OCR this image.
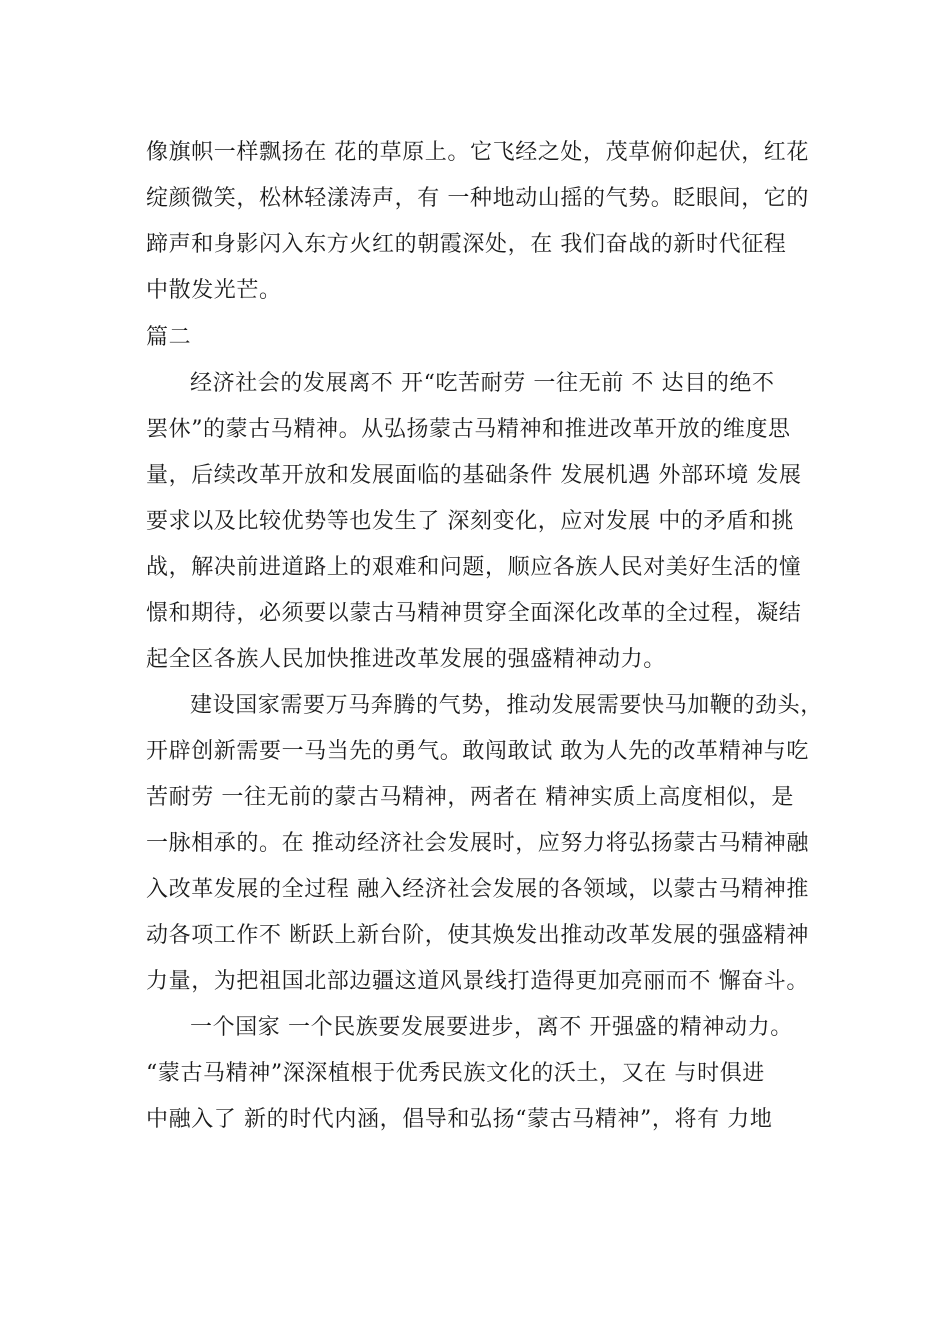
像旗帜一样飘扬在 花的草原上。它飞经之处，茂草俯仰起伏，红花
绽颜微笑，松林轻漾涛声，有 一种地动山摇的气势。眨眼间，它的
蹄声和身影闪入东方火红的朝霞深处，在 我们奋战的新时代征程
中散发光芒。
篇二
经济社会的发展离不 开“吃苦耐劳 一往无前 不 达目的绝不
罢休”的蒙古马精神。从弘扬蒙古马精神和推进改革开放的维度思
量，后续改革开放和发展面临的基础条件 发展机遇 外部环境 发展
要求以及比较优势等也发生了 深刻变化，应对发展 中的矛盾和挑
战，解决前进道路上的艰难和问题，顺应各族人民对美好生活的憧
憬和期待，必须要以蒙古马精神贯穿全面深化改革的全过程，凝结
起全区各族人民加快推进改革发展的强盛精神动力。
建设国家需要万马奔腾的气势，推动发展需要快马加鞭的劲头，
开辟创新需要一马当先的勇气。敢闯敢试 敢为人先的改革精神与吃
苦耐劳 一往无前的蒙古马精神，两者在 精神实质上高度相似，是
一脉相承的。在 推动经济社会发展时，应努力将弘扬蒙古马精神融
入改革发展的全过程 融入经济社会发展的各领域，以蒙古马精神推
动各项工作不 断跃上新台阶，使其焕发出推动改革发展的强盛精神
力量，为把祖国北部边疆这道风景线打造得更加亮丽而不 懈奋斗。
一个国家 一个民族要发展要进步，离不 开强盛的精神动力。
“蒙古马精神”深深植根于优秀民族文化的沃土，又在 与时俱进
中融入了 新的时代内涵，倡导和弘扬“蒙古马精神”，将有 力地
